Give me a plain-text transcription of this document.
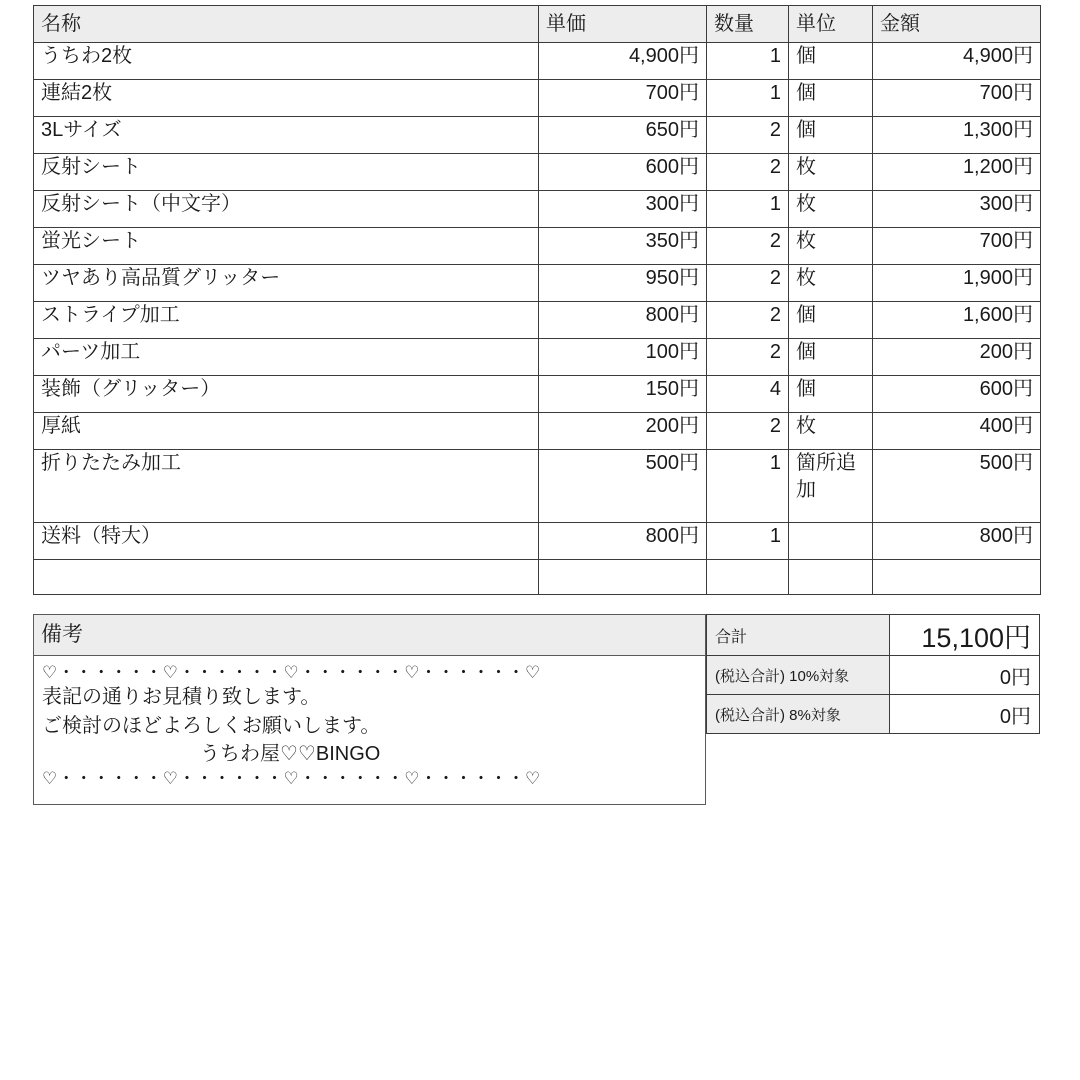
名称	単価	数量	単位	金額
うちわ2枚	4,900円	1	個	4,900円
連結2枚	700円	1	個	700円
3Lサイズ	650円	2	個	1,300円
反射シート	600円	2	枚	1,200円
反射シート（中文字）	300円	1	枚	300円
蛍光シート	350円	2	枚	700円
ツヤあり高品質グリッター	950円	2	枚	1,900円
ストライプ加工	800円	2	個	1,600円
パーツ加工	100円	2	個	200円
装飾（グリッター）	150円	4	個	600円
厚紙	200円	2	枚	400円
折りたたみ加工	500円	1	箇所追加	500円
送料（特大）	800円	1		800円

備考
♡・・・・・・♡・・・・・・♡・・・・・・♡・・・・・・♡
表記の通りお見積り致します。
ご検討のほどよろしくお願いします。
うちわ屋♡♡BINGO
♡・・・・・・♡・・・・・・♡・・・・・・♡・・・・・・♡
合計	15,100円
(税込合計) 10%対象	0円
(税込合計) 8%対象	0円
